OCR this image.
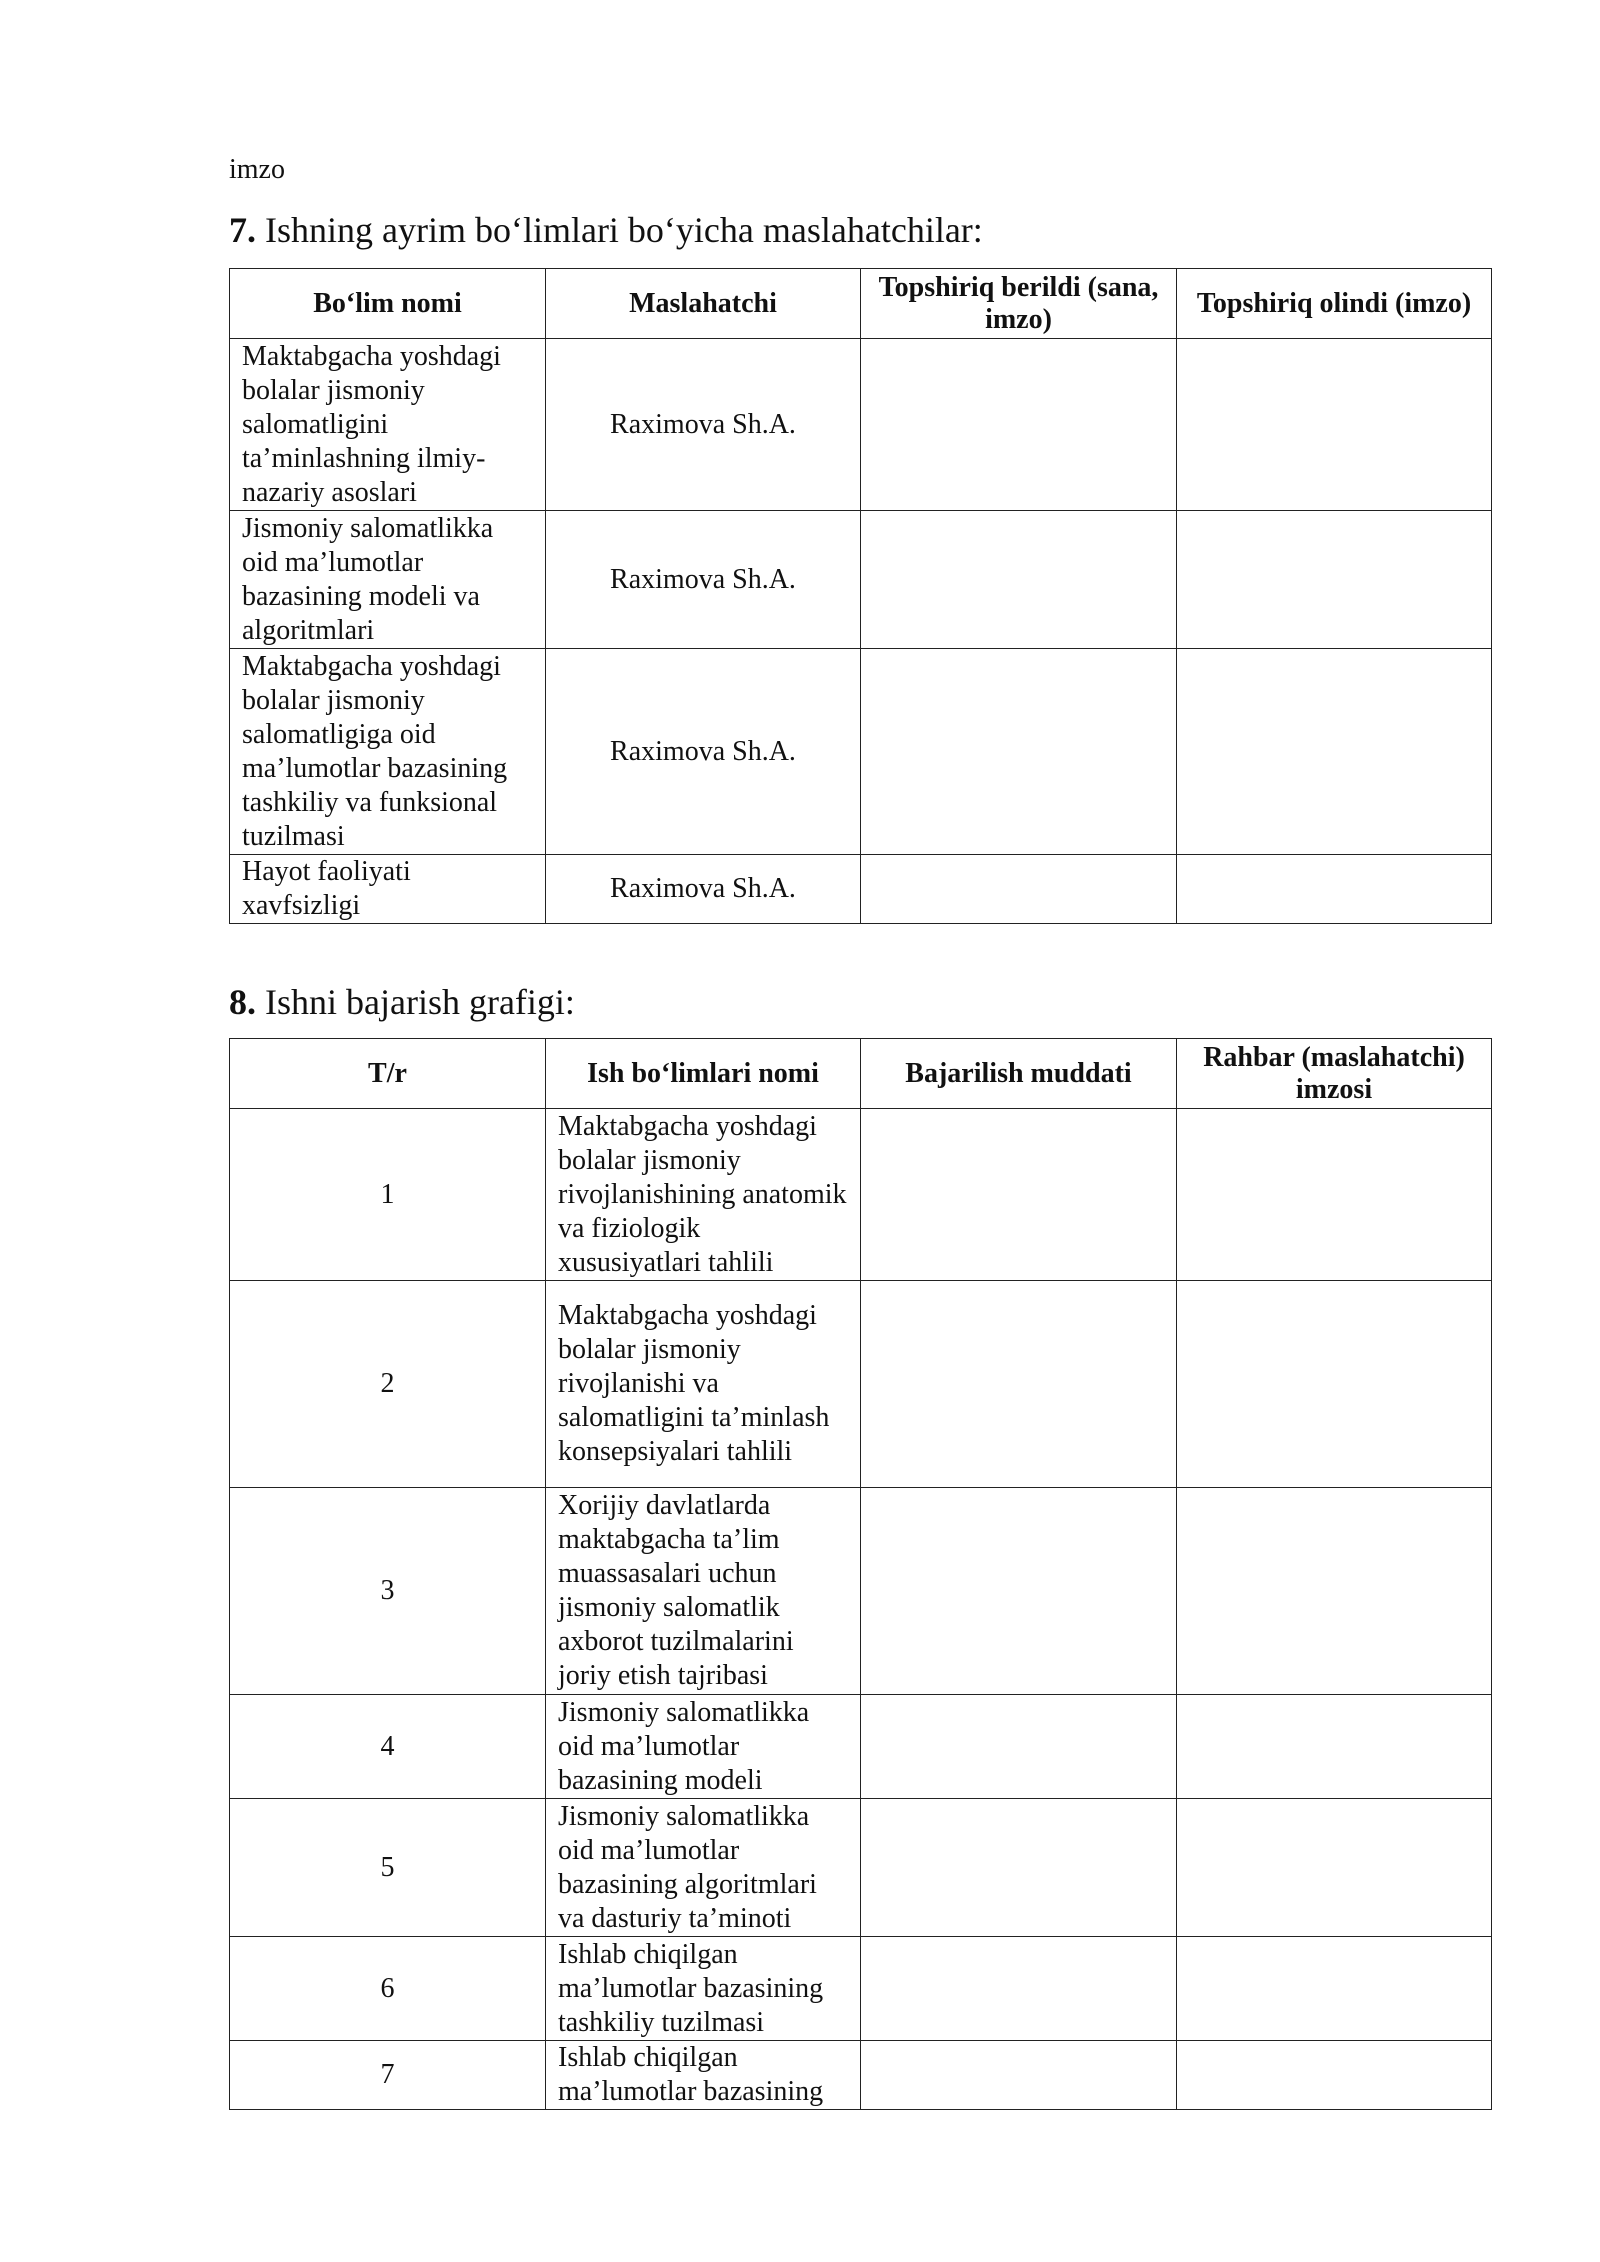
imzo
7. Ishning ayrim bo‘limlari bo‘yicha maslahatchilar:
Bo‘lim nomi	Maslahatchi	Topshiriq berildi (sana, imzo)	Topshiriq olindi (imzo)
Maktabgacha yoshdagi bolalar jismoniy salomatligini ta’minlashning ilmiy-nazariy asoslari	Raximova Sh.A.		
Jismoniy salomatlikka oid ma’lumotlar bazasining modeli va algoritmlari	Raximova Sh.A.		
Maktabgacha yoshdagi bolalar jismoniy salomatligiga oid ma’lumotlar bazasining tashkiliy va funksional tuzilmasi	Raximova Sh.A.		
Hayot faoliyati xavfsizligi	Raximova Sh.A.		
8. Ishni bajarish grafigi:
T/r	Ish bo‘limlari nomi	Bajarilish muddati	Rahbar (maslahatchi) imzosi
1	Maktabgacha yoshdagi bolalar jismoniy rivojlanishining anatomik va fiziologik xususiyatlari tahlili		
2	Maktabgacha yoshdagi bolalar jismoniy rivojlanishi va salomatligini ta’minlash konsepsiyalari tahlili		
3	Xorijiy davlatlarda maktabgacha ta’lim muassasalari uchun jismoniy salomatlik axborot tuzilmalarini joriy etish tajribasi		
4	Jismoniy salomatlikka oid ma’lumotlar bazasining modeli		
5	Jismoniy salomatlikka oid ma’lumotlar bazasining algoritmlari va dasturiy ta’minoti		
6	Ishlab chiqilgan ma’lumotlar bazasining tashkiliy tuzilmasi		
7	Ishlab chiqilgan ma’lumotlar bazasining		
